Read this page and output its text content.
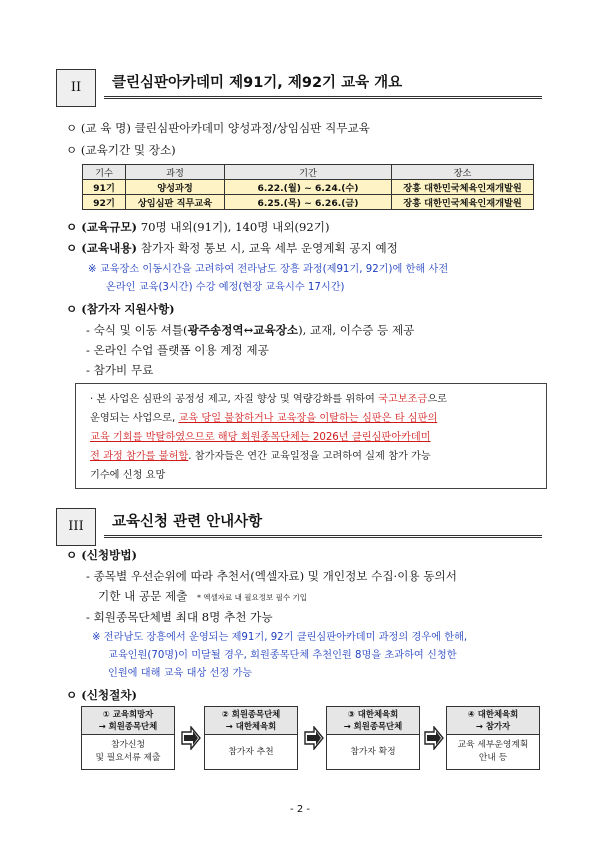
II	클린심판아카데미 제91기, 제92기 교육 개요
ㅇ (교 육 명) 클린심판아카데미 양성과정/상임심판 직무교육
ㅇ (교육기간 및 장소)
기수	과정	기간	장소
91기	양성과정	6.22.(월) ~ 6.24.(수)	장흥 대한민국체육인재개발원
92기	상임심판 직무교육	6.25.(목) ~ 6.26.(금)	장흥 대한민국체육인재개발원
ㅇ (교육규모) 70명 내외(91기), 140명 내외(92기)
ㅇ (교육내용) 참가자 확정 통보 시, 교육 세부 운영계획 공지 예정
※ 교육장소 이동시간을 고려하여 전라남도 장흥 과정(제91기, 92기)에 한해 사전
온라인 교육(3시간) 수강 예정(현장 교육시수 17시간)
ㅇ (참가자 지원사항)
- 숙식 및 이동 셔틀(광주송정역↔교육장소), 교재, 이수증 등 제공
- 온라인 수업 플랫폼 이용 계정 제공
- 참가비 무료
· 본 사업은 심판의 공정성 제고, 자질 향상 및 역량강화를 위하여 국고보조금으로
운영되는 사업으로, 교육 당일 불참하거나 교육장을 이탈하는 심판은 타 심판의
교육 기회를 박탈하였으므로 해당 회원종목단체는 2026년 클린심판아카데미
전 과정 참가를 불허함. 참가자들은 연간 교육일정을 고려하여 실제 참가 가능
기수에 신청 요망
III	교육신청 관련 안내사항
ㅇ (신청방법)
- 종목별 우선순위에 따라 추천서(엑셀자료) 및 개인정보 수집·이용 동의서
기한 내 공문 제출 * 엑셀자료 내 필요정보 필수 기입
- 회원종목단체별 최대 8명 추천 가능
※ 전라남도 장흥에서 운영되는 제91기, 92기 클린심판아카데미 과정의 경우에 한해,
교육인원(70명)이 미달될 경우, 회원종목단체 추천인원 8명을 초과하여 신청한
인원에 대해 교육 대상 선정 가능
ㅇ (신청절차)
① 교육희망자
→ 회원종목단체
참가신청
및 필요서류 제출
② 회원종목단체
→ 대한체육회
참가자 추천
③ 대한체육회
→ 회원종목단체
참가자 확정
④ 대한체육회
→ 참가자
교육 세부운영계획
안내 등
- 2 -
